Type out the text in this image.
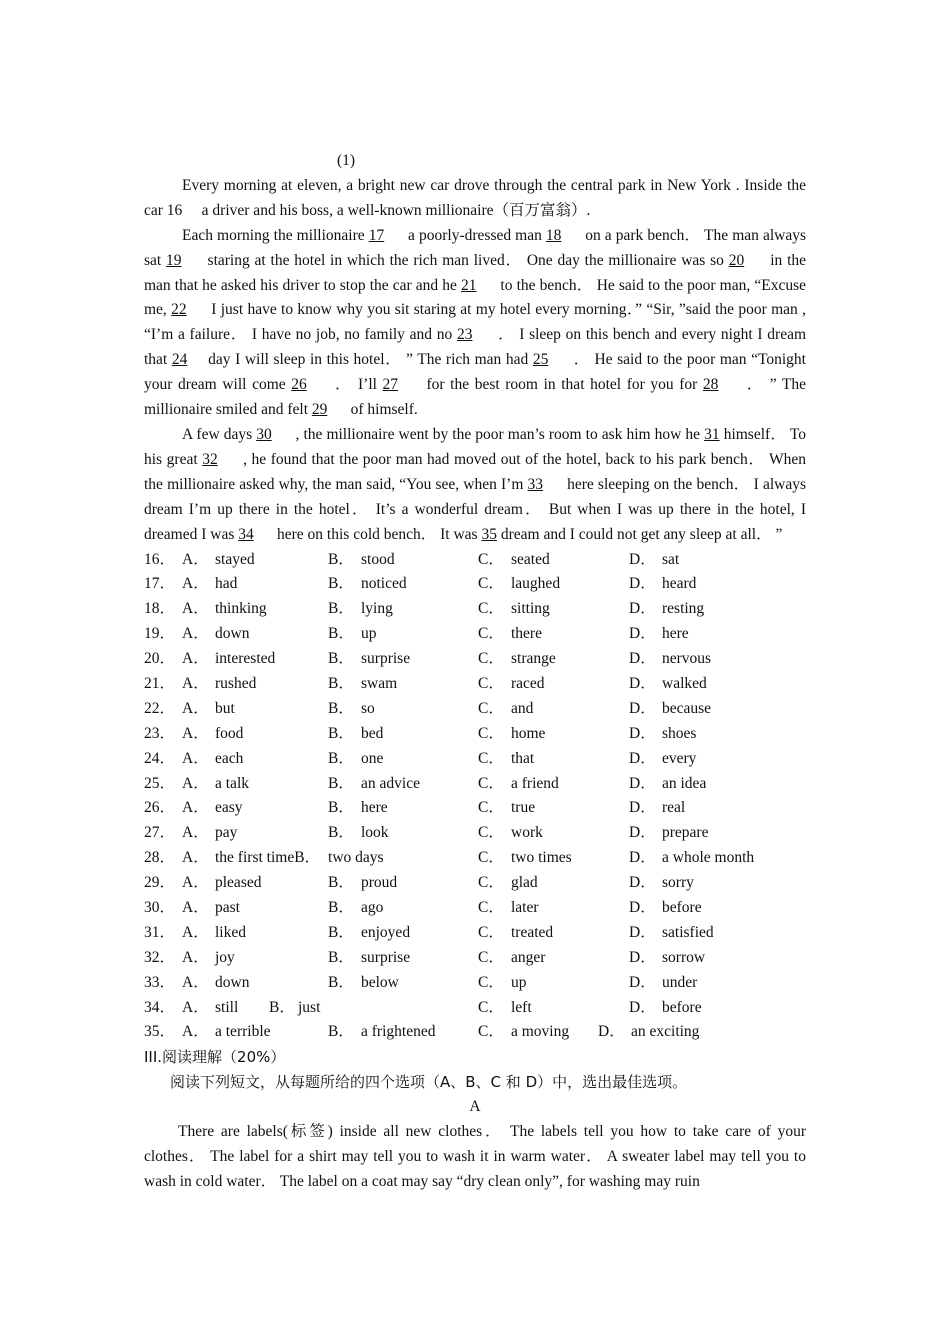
(1)

Every morning at eleven, a bright new car drove through the central park in New York . Inside the car 16 　a driver and his boss, a well-known millionaire（百万富翁）.

Each morning the millionaire 17 　 a poorly-dressed man 18 　 on a park bench． The man always sat 19 　 staring at the hotel in which the rich man lived． One day the millionaire was so 20 　 in the man that he asked his driver to stop the car and he 21 　 to the bench． He said to the poor man, “Excuse me, 22 　 I just have to know why you sit staring at my hotel every morning．” “Sir, ”said the poor man , “I’m a failure． I have no job, no family and no 23 　 ． I sleep on this bench and every night I dream that 24 　day I will sleep in this hotel． ” The rich man had 25 　 ． He said to the poor man “Tonight your dream will come 26 　 ． I’ll 27 　 for the best room in that hotel for you for 28 　 ． ” The millionaire smiled and felt 29 　 of himself.

A few days 30 　 , the millionaire went by the poor man’s room to ask him how he 31 himself． To his great 32 　 , he found that the poor man had moved out of the hotel, back to his park bench． When the millionaire asked why, the man said, “You see, when I’m 33 　 here sleeping on the bench． I always dream I’m up there in the hotel． It’s a wonderful dream． But when I was up there in the hotel, I dreamed I was 34 　 here on this cold bench． It was 35 dream and I could not get any sleep at all． ”

16． A． stayed	B． stood	C． seated	D． sat
17． A． had	B． noticed	C． laughed	D． heard
18． A． thinking	B． lying	C． sitting	D． resting
19． A． down	B． up	C． there	D． here
20． A． interested	B． surprise	C． strange	D． nervous
21． A． rushed	B． swam	C． raced	D． walked
22． A． but	B． so	C． and	D． because
23． A． food	B． bed	C． home	D． shoes
24． A． each	B． one	C． that	D． every
25． A． a talk	B． an advice	C． a friend	D． an idea
26． A． easy	B． here	C． true	D． real
27． A． pay	B． look	C． work	D． prepare
28． A． the first time B． two days	C． two times	D． a whole month
29． A． pleased	B． proud	C． glad	D． sorry
30． A． past	B． ago	C． later	D． before
31． A． liked	B． enjoyed	C． treated	D． satisfied
32． A． joy	B． surprise	C． anger	D． sorrow
33． A． down	B． below	C． up	D． under
34． A． still B． just	C． left	D． before
35． A． a terrible	B． a frightened	C． a moving D． an exciting

III.阅读理解（20%）

阅读下列短文，从每题所给的四个选项（A、B、C 和 D）中，选出最佳选项。

A

There are labels(标签) inside all new clothes． The labels tell you how to take care of your clothes． The label for a shirt may tell you to wash it in warm water． A sweater label may tell you to wash in cold water． The label on a coat may say “dry clean only”, for washing may ruin
